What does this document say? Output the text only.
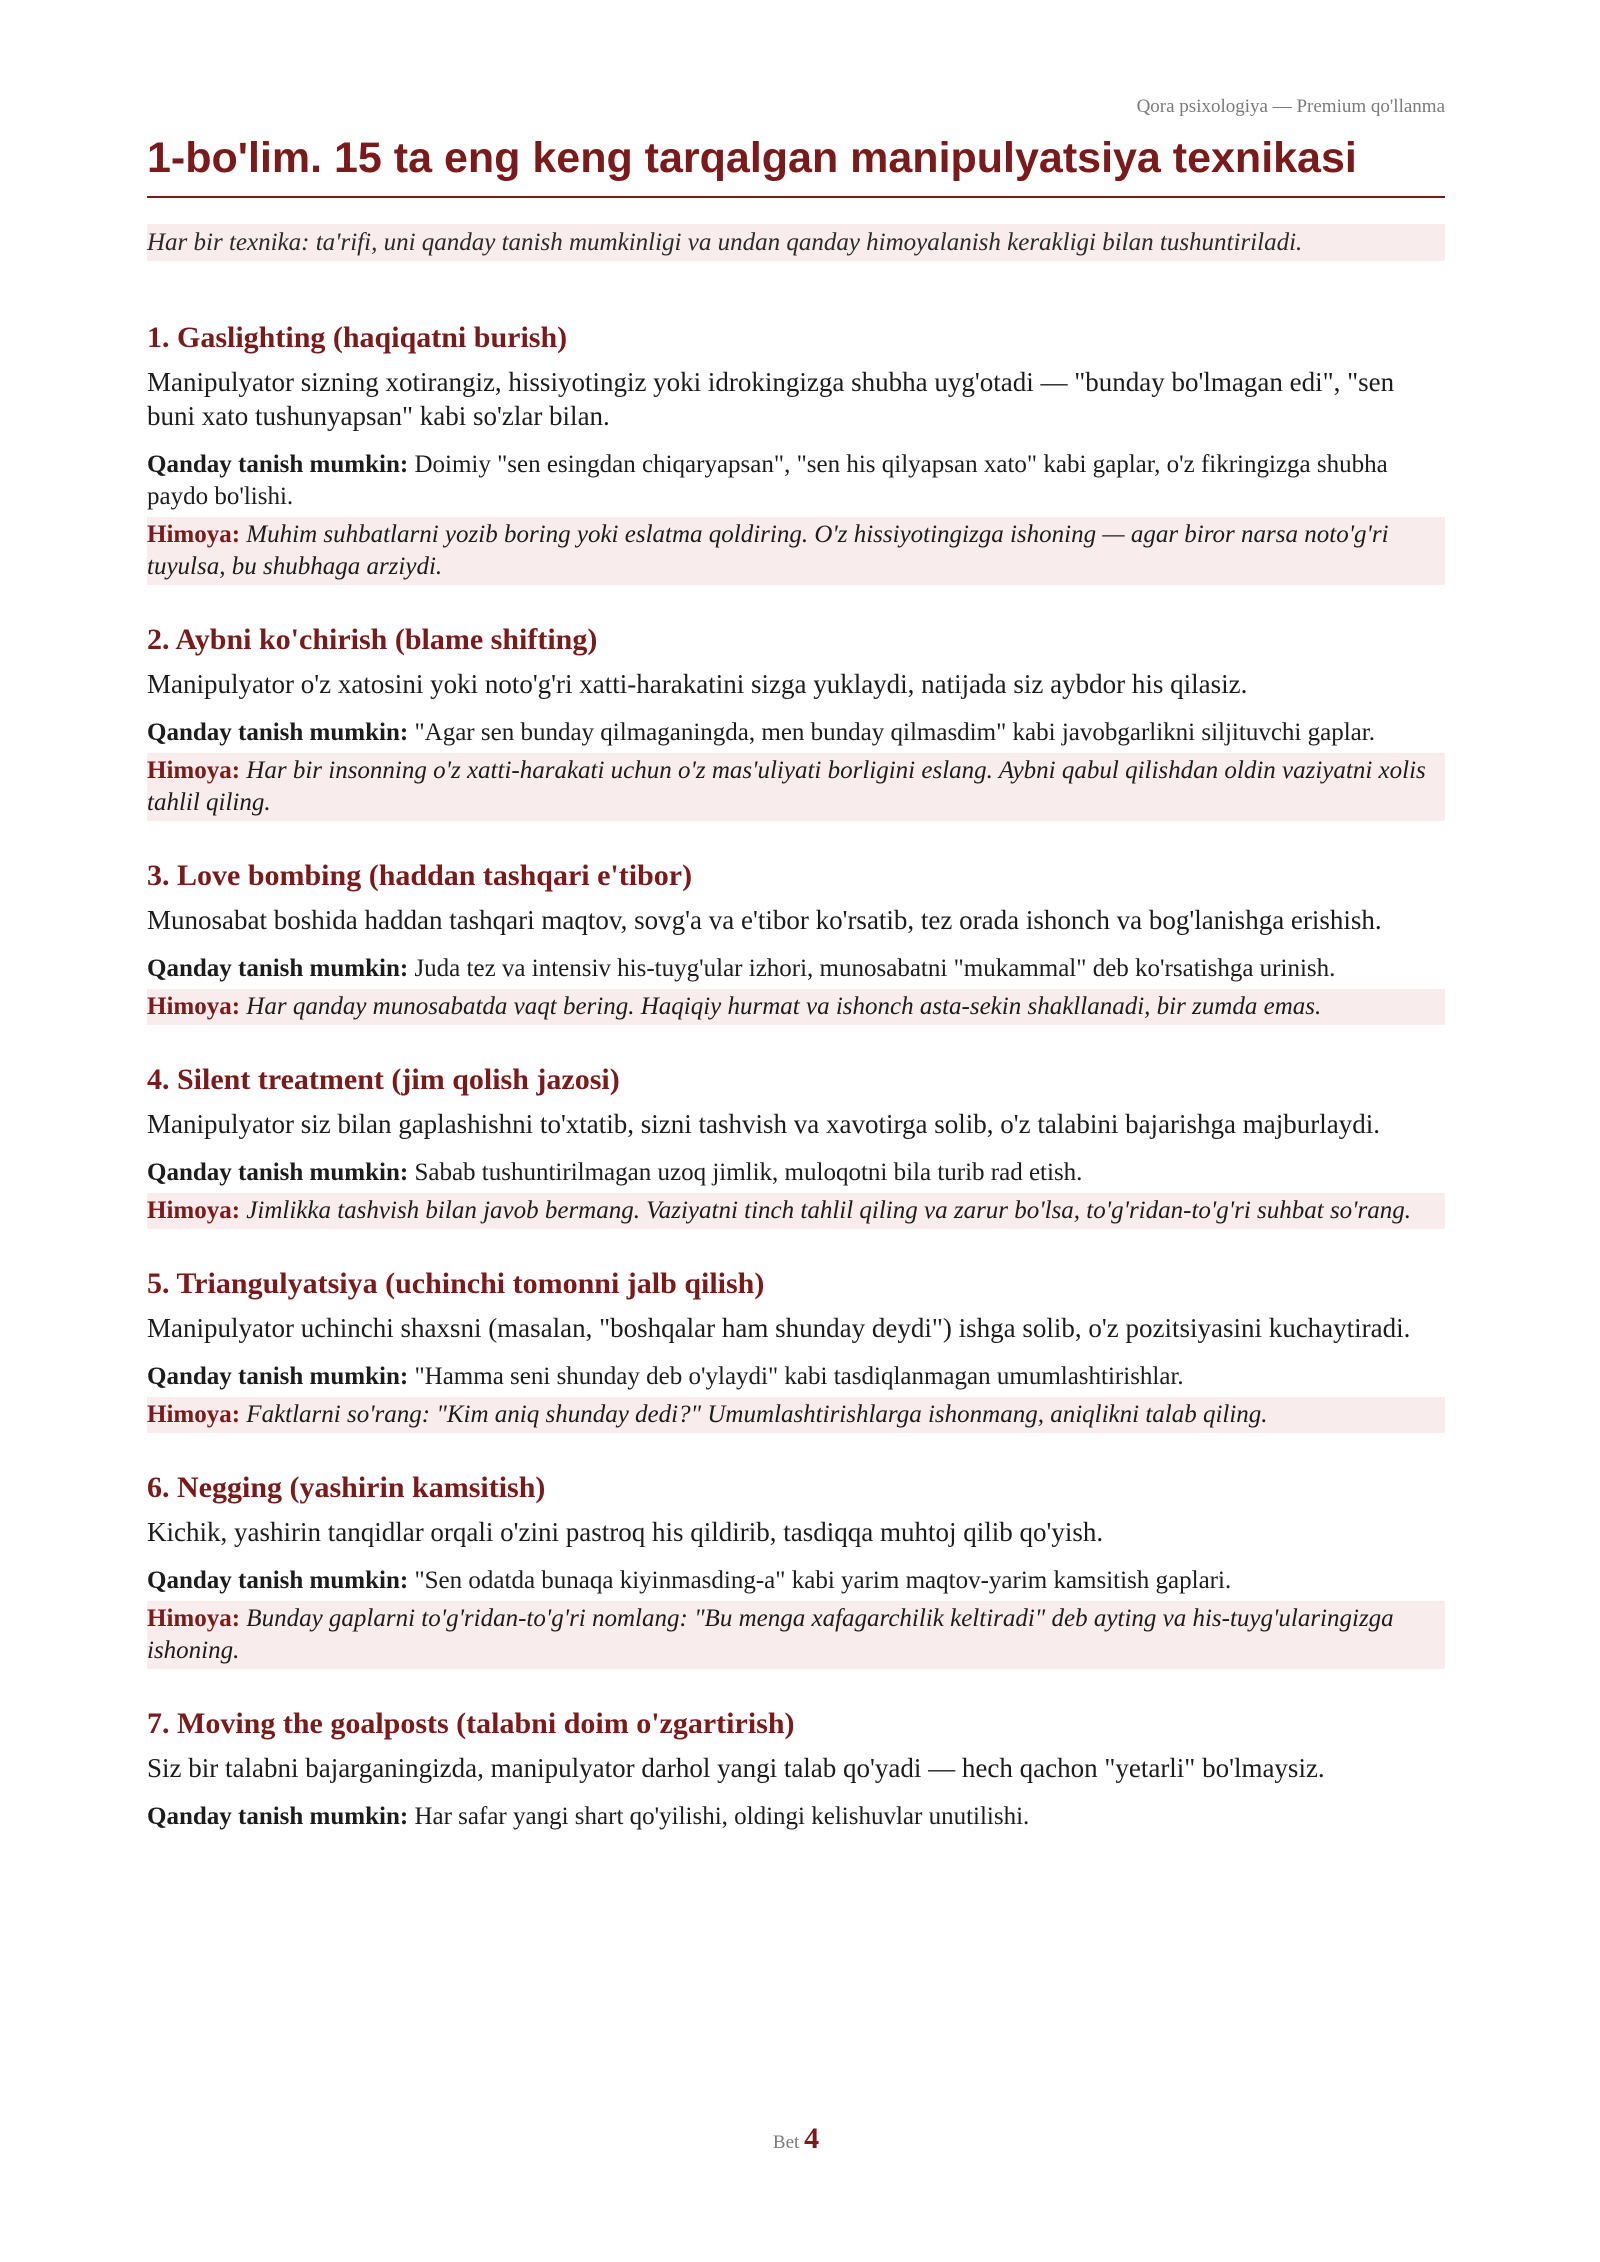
Qora psixologiya — Premium qo'llanma
1-bo'lim. 15 ta eng keng tarqalgan manipulyatsiya texnikasi
Har bir texnika: ta'rifi, uni qanday tanish mumkinligi va undan qanday himoyalanish kerakligi bilan tushuntiriladi.
1. Gaslighting (haqiqatni burish)

Manipulyator sizning xotirangiz, hissiyotingiz yoki idrokingizga shubha uyg'otadi — "bunday bo'lmagan edi", "sen buni xato tushunyapsan" kabi so'zlar bilan.

Qanday tanish mumkin: Doimiy "sen esingdan chiqaryapsan", "sen his qilyapsan xato" kabi gaplar, o'z fikringizga shubha paydo bo'lishi.

Himoya: Muhim suhbatlarni yozib boring yoki eslatma qoldiring. O'z hissiyotingizga ishoning — agar biror narsa noto'g'ri tuyulsa, bu shubhaga arziydi.

2. Aybni ko'chirish (blame shifting)

Manipulyator o'z xatosini yoki noto'g'ri xatti-harakatini sizga yuklaydi, natijada siz aybdor his qilasiz.

Qanday tanish mumkin: "Agar sen bunday qilmaganingda, men bunday qilmasdim" kabi javobgarlikni siljituvchi gaplar.

Himoya: Har bir insonning o'z xatti-harakati uchun o'z mas'uliyati borligini eslang. Aybni qabul qilishdan oldin vaziyatni xolis tahlil qiling.

3. Love bombing (haddan tashqari e'tibor)

Munosabat boshida haddan tashqari maqtov, sovg'a va e'tibor ko'rsatib, tez orada ishonch va bog'lanishga erishish.

Qanday tanish mumkin: Juda tez va intensiv his-tuyg'ular izhori, munosabatni "mukammal" deb ko'rsatishga urinish.

Himoya: Har qanday munosabatda vaqt bering. Haqiqiy hurmat va ishonch asta-sekin shakllanadi, bir zumda emas.

4. Silent treatment (jim qolish jazosi)

Manipulyator siz bilan gaplashishni to'xtatib, sizni tashvish va xavotirga solib, o'z talabini bajarishga majburlaydi.

Qanday tanish mumkin: Sabab tushuntirilmagan uzoq jimlik, muloqotni bila turib rad etish.

Himoya: Jimlikka tashvish bilan javob bermang. Vaziyatni tinch tahlil qiling va zarur bo'lsa, to'g'ridan-to'g'ri suhbat so'rang.

5. Triangulyatsiya (uchinchi tomonni jalb qilish)

Manipulyator uchinchi shaxsni (masalan, "boshqalar ham shunday deydi") ishga solib, o'z pozitsiyasini kuchaytiradi.

Qanday tanish mumkin: "Hamma seni shunday deb o'ylaydi" kabi tasdiqlanmagan umumlashtirishlar.

Himoya: Faktlarni so'rang: "Kim aniq shunday dedi?" Umumlashtirishlarga ishonmang, aniqlikni talab qiling.

6. Negging (yashirin kamsitish)

Kichik, yashirin tanqidlar orqali o'zini pastroq his qildirib, tasdiqqa muhtoj qilib qo'yish.

Qanday tanish mumkin: "Sen odatda bunaqa kiyinmasding-a" kabi yarim maqtov-yarim kamsitish gaplari.

Himoya: Bunday gaplarni to'g'ridan-to'g'ri nomlang: "Bu menga xafagarchilik keltiradi" deb ayting va his-tuyg'ularingizga ishoning.

7. Moving the goalposts (talabni doim o'zgartirish)

Siz bir talabni bajarganingizda, manipulyator darhol yangi talab qo'yadi — hech qachon "yetarli" bo'lmaysiz.

Qanday tanish mumkin: Har safar yangi shart qo'yilishi, oldingi kelishuvlar unutilishi.

Bet 4
